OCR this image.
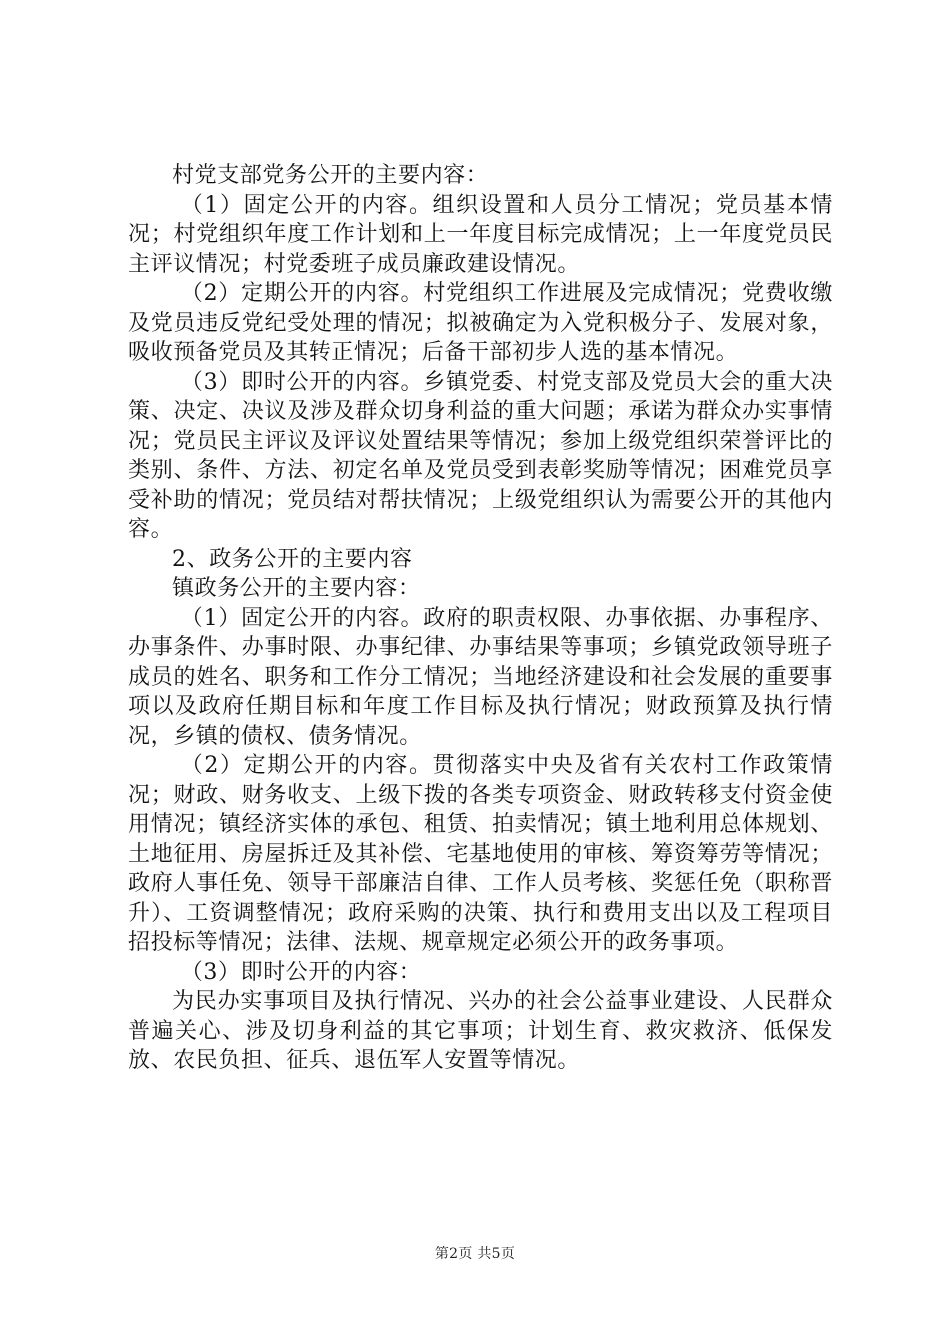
村党支部党务公开的主要内容：

（1）固定公开的内容。组织设置和人员分工情况；党员基本情况；村党组织年度工作计划和上一年度目标完成情况；上一年度党员民主评议情况；村党委班子成员廉政建设情况。

（2）定期公开的内容。村党组织工作进展及完成情况；党费收缴及党员违反党纪受处理的情况；拟被确定为入党积极分子、发展对象，吸收预备党员及其转正情况；后备干部初步人选的基本情况。

（3）即时公开的内容。乡镇党委、村党支部及党员大会的重大决策、决定、决议及涉及群众切身利益的重大问题；承诺为群众办实事情况；党员民主评议及评议处置结果等情况；参加上级党组织荣誉评比的类别、条件、方法、初定名单及党员受到表彰奖励等情况；困难党员享受补助的情况；党员结对帮扶情况；上级党组织认为需要公开的其他内容。

2、政务公开的主要内容

镇政务公开的主要内容：

（1）固定公开的内容。政府的职责权限、办事依据、办事程序、办事条件、办事时限、办事纪律、办事结果等事项；乡镇党政领导班子成员的姓名、职务和工作分工情况；当地经济建设和社会发展的重要事项以及政府任期目标和年度工作目标及执行情况；财政预算及执行情况，乡镇的债权、债务情况。

（2）定期公开的内容。贯彻落实中央及省有关农村工作政策情况；财政、财务收支、上级下拨的各类专项资金、财政转移支付资金使用情况；镇经济实体的承包、租赁、拍卖情况；镇土地利用总体规划、土地征用、房屋拆迁及其补偿、宅基地使用的审核、筹资筹劳等情况；政府人事任免、领导干部廉洁自律、工作人员考核、奖惩任免（职称晋升）、工资调整情况；政府采购的决策、执行和费用支出以及工程项目招投标等情况；法律、法规、规章规定必须公开的政务事项。

（3）即时公开的内容：

为民办实事项目及执行情况、兴办的社会公益事业建设、人民群众普遍关心、涉及切身利益的其它事项；计划生育、救灾救济、低保发放、农民负担、征兵、退伍军人安置等情况。

第2页 共5页
